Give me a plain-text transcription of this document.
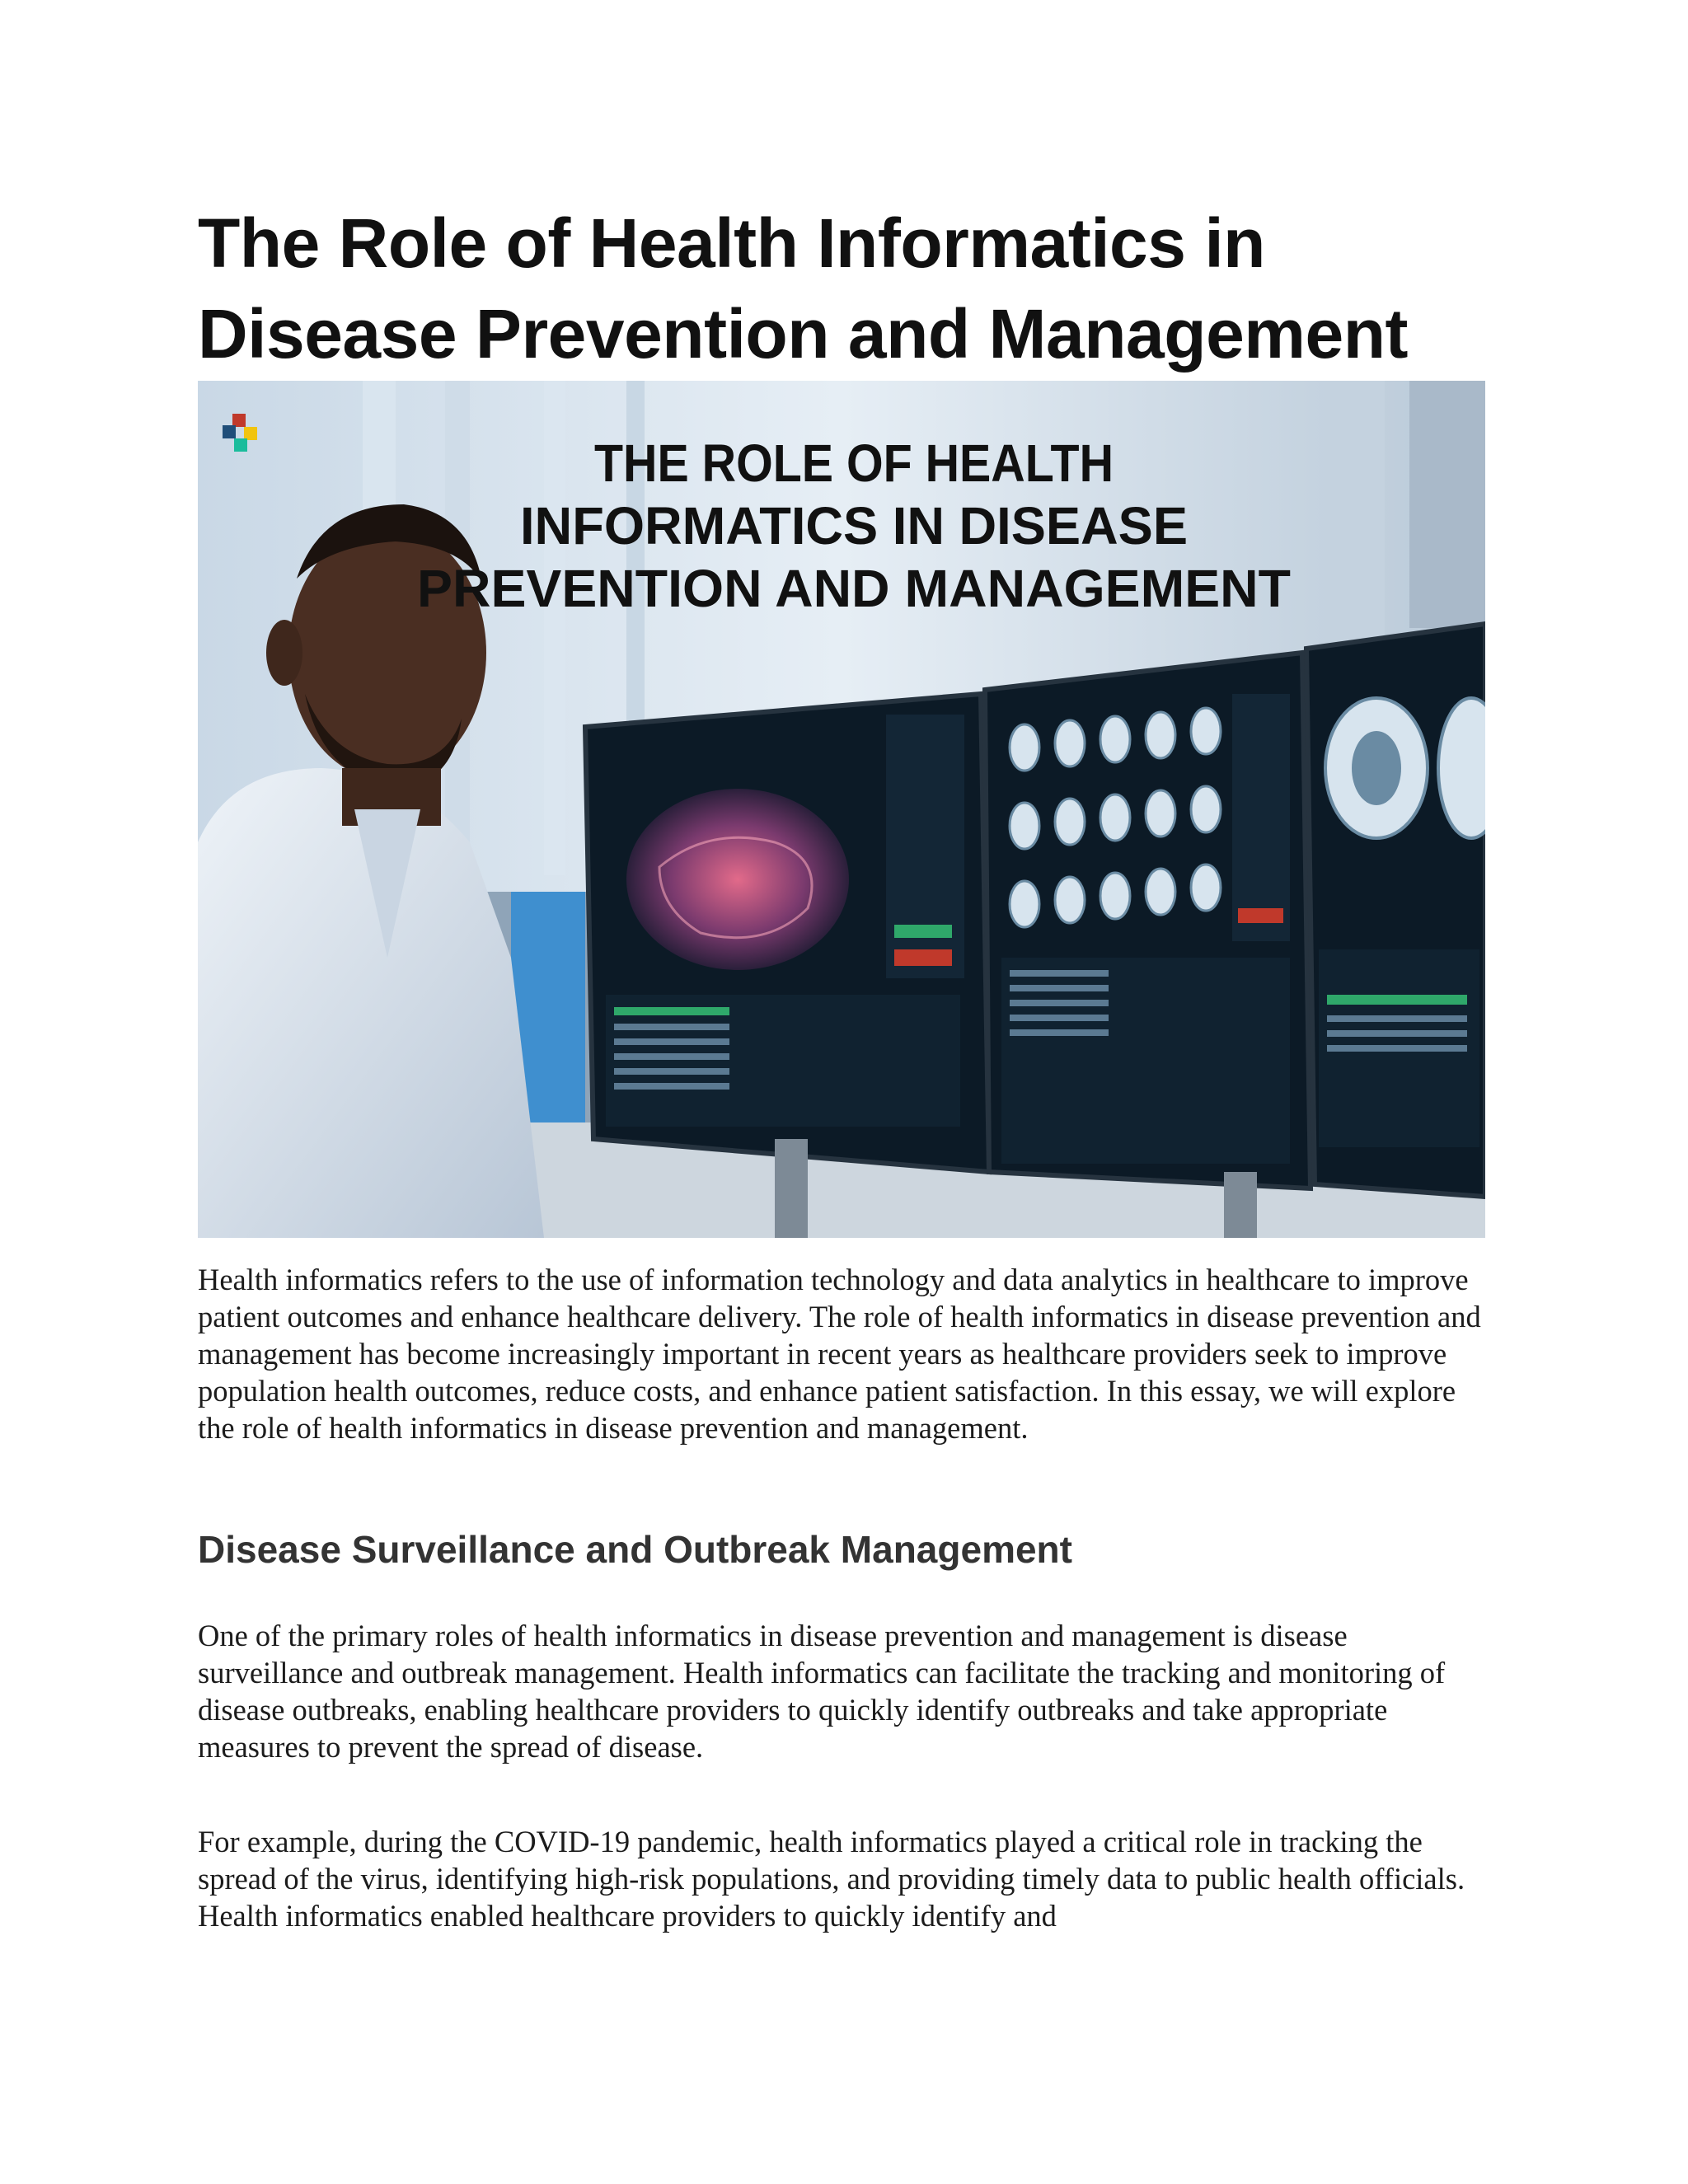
The Role of Health Informatics in Disease Prevention and Management
THE ROLE OF HEALTH
INFORMATICS IN DISEASE
PREVENTION AND MANAGEMENT

Health informatics refers to the use of information technology and data analytics in healthcare to improve patient outcomes and enhance healthcare delivery. The role of health informatics in disease prevention and management has become increasingly important in recent years as healthcare providers seek to improve population health outcomes, reduce costs, and enhance patient satisfaction. In this essay, we will explore the role of health informatics in disease prevention and management.

Disease Surveillance and Outbreak Management

One of the primary roles of health informatics in disease prevention and management is disease surveillance and outbreak management. Health informatics can facilitate the tracking and monitoring of disease outbreaks, enabling healthcare providers to quickly identify outbreaks and take appropriate measures to prevent the spread of disease.

For example, during the COVID-19 pandemic, health informatics played a critical role in tracking the spread of the virus, identifying high-risk populations, and providing timely data to public health officials. Health informatics enabled healthcare providers to quickly identify and
